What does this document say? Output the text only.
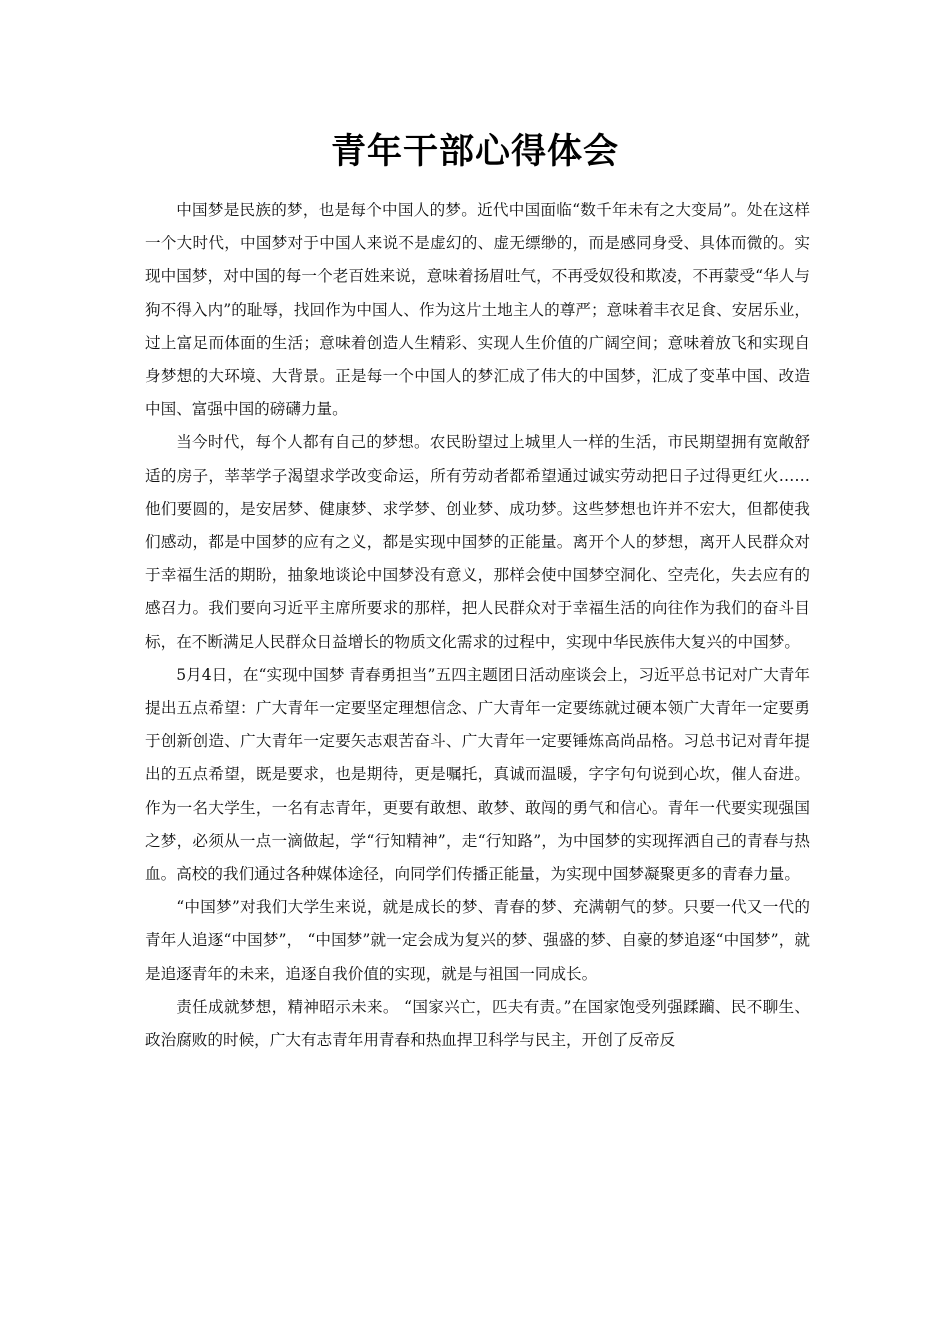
青年干部心得体会

中国梦是民族的梦，也是每个中国人的梦。近代中国面临“数千年未有之大变局”。处在这样一个大时代，中国梦对于中国人来说不是虚幻的、虚无缥缈的，而是感同身受、具体而微的。实现中国梦，对中国的每一个老百姓来说，意味着扬眉吐气，不再受奴役和欺凌，不再蒙受“华人与狗不得入内”的耻辱，找回作为中国人、作为这片土地主人的尊严；意味着丰衣足食、安居乐业，过上富足而体面的生活；意味着创造人生精彩、实现人生价值的广阔空间；意味着放飞和实现自身梦想的大环境、大背景。正是每一个中国人的梦汇成了伟大的中国梦，汇成了变革中国、改造中国、富强中国的磅礴力量。

当今时代，每个人都有自己的梦想。农民盼望过上城里人一样的生活，市民期望拥有宽敞舒适的房子，莘莘学子渴望求学改变命运，所有劳动者都希望通过诚实劳动把日子过得更红火……他们要圆的，是安居梦、健康梦、求学梦、创业梦、成功梦。这些梦想也许并不宏大，但都使我们感动，都是中国梦的应有之义，都是实现中国梦的正能量。离开个人的梦想，离开人民群众对于幸福生活的期盼，抽象地谈论中国梦没有意义，那样会使中国梦空洞化、空壳化，失去应有的感召力。我们要向习近平主席所要求的那样，把人民群众对于幸福生活的向往作为我们的奋斗目标，在不断满足人民群众日益增长的物质文化需求的过程中，实现中华民族伟大复兴的中国梦。

5月4日，在“实现中国梦 青春勇担当”五四主题团日活动座谈会上，习近平总书记对广大青年提出五点希望：广大青年一定要坚定理想信念、广大青年一定要练就过硬本领广大青年一定要勇于创新创造、广大青年一定要矢志艰苦奋斗、广大青年一定要锤炼高尚品格。习总书记对青年提出的五点希望，既是要求，也是期待，更是嘱托，真诚而温暖，字字句句说到心坎，催人奋进。作为一名大学生，一名有志青年，更要有敢想、敢梦、敢闯的勇气和信心。青年一代要实现强国之梦，必须从一点一滴做起，学“行知精神”，走“行知路”，为中国梦的实现挥洒自己的青春与热血。高校的我们通过各种媒体途径，向同学们传播正能量，为实现中国梦凝聚更多的青春力量。

“中国梦”对我们大学生来说，就是成长的梦、青春的梦、充满朝气的梦。只要一代又一代的青年人追逐“中国梦”， “中国梦”就一定会成为复兴的梦、强盛的梦、自豪的梦追逐“中国梦”，就是追逐青年的未来，追逐自我价值的实现，就是与祖国一同成长。

责任成就梦想，精神昭示未来。 “国家兴亡，匹夫有责。”在国家饱受列强蹂躏、民不聊生、政治腐败的时候，广大有志青年用青春和热血捍卫科学与民主，开创了反帝反
